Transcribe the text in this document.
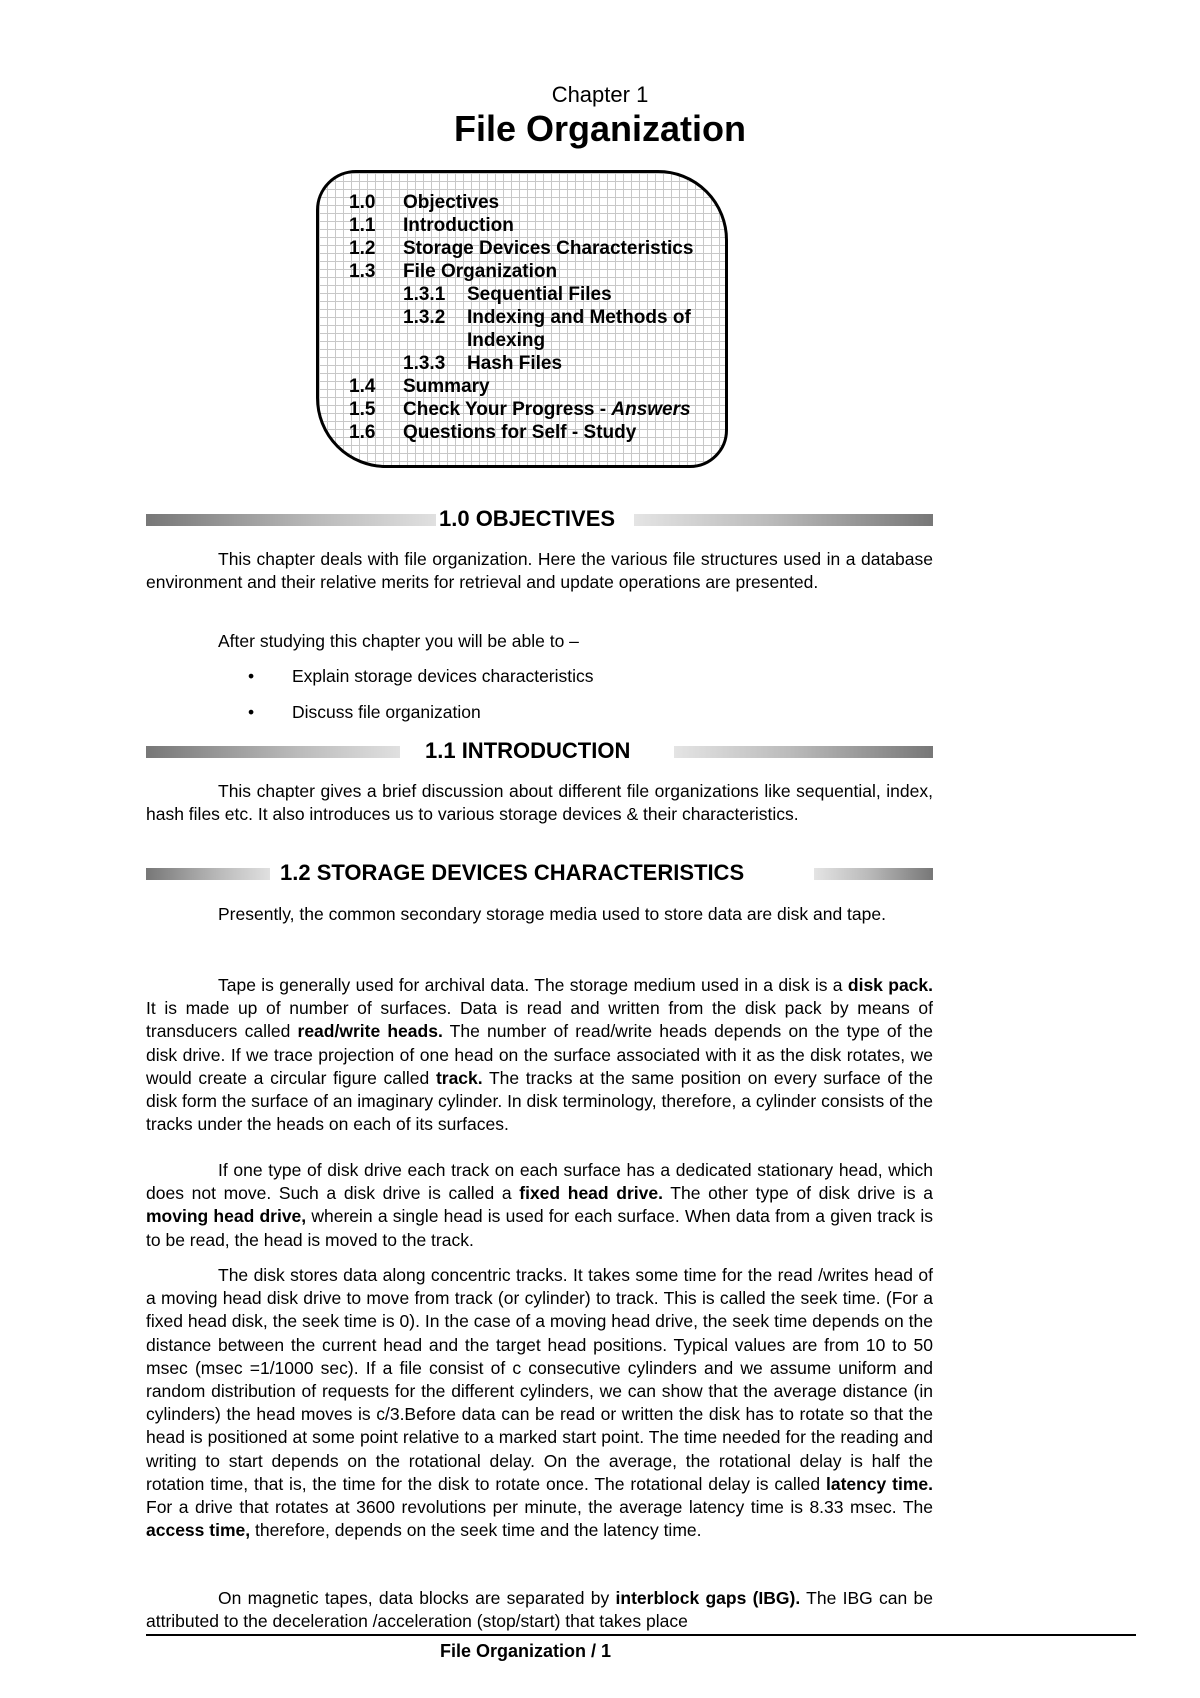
Chapter 1
File Organization
1.0 Objectives
1.1 Introduction
1.2 Storage Devices Characteristics
1.3 File Organization
1.3.1 Sequential Files
1.3.2 Indexing and Methods of
Indexing
1.3.3 Hash Files
1.4 Summary
1.5 Check Your Progress - Answers
1.6 Questions for Self - Study
1.0 OBJECTIVES
This chapter deals with file organization. Here the various file structures used in a database environment and their relative merits for retrieval and update operations are presented.
After studying this chapter you will be able to –
• Explain storage devices characteristics
• Discuss file organization
1.1 INTRODUCTION
This chapter gives a brief discussion about different file organizations like sequential, index, hash files etc. It also introduces us to various storage devices & their characteristics.
1.2 STORAGE DEVICES CHARACTERISTICS
Presently, the common secondary storage media used to store data are disk and tape.
Tape is generally used for archival data. The storage medium used in a disk is a disk pack. It is made up of number of surfaces. Data is read and written from the disk pack by means of transducers called read/write heads. The number of read/write heads depends on the type of the disk drive. If we trace projection of one head on the surface associated with it as the disk rotates, we would create a circular figure called track. The tracks at the same position on every surface of the disk form the surface of an imaginary cylinder. In disk terminology, therefore, a cylinder consists of the tracks under the heads on each of its surfaces.
If one type of disk drive each track on each surface has a dedicated stationary head, which does not move. Such a disk drive is called a fixed head drive. The other type of disk drive is a moving head drive, wherein a single head is used for each surface. When data from a given track is to be read, the head is moved to the track.
The disk stores data along concentric tracks. It takes some time for the read /writes head of a moving head disk drive to move from track (or cylinder) to track. This is called the seek time. (For a fixed head disk, the seek time is 0). In the case of a moving head drive, the seek time depends on the distance between the current head and the target head positions. Typical values are from 10 to 50 msec (msec =1/1000 sec). If a file consist of c consecutive cylinders and we assume uniform and random distribution of requests for the different cylinders, we can show that the average distance (in cylinders) the head moves is c/3.Before data can be read or written the disk has to rotate so that the head is positioned at some point relative to a marked start point. The time needed for the reading and writing to start depends on the rotational delay. On the average, the rotational delay is half the rotation time, that is, the time for the disk to rotate once. The rotational delay is called latency time. For a drive that rotates at 3600 revolutions per minute, the average latency time is 8.33 msec. The access time, therefore, depends on the seek time and the latency time.
On magnetic tapes, data blocks are separated by interblock gaps (IBG). The IBG can be attributed to the deceleration /acceleration (stop/start) that takes place
File Organization / 1
